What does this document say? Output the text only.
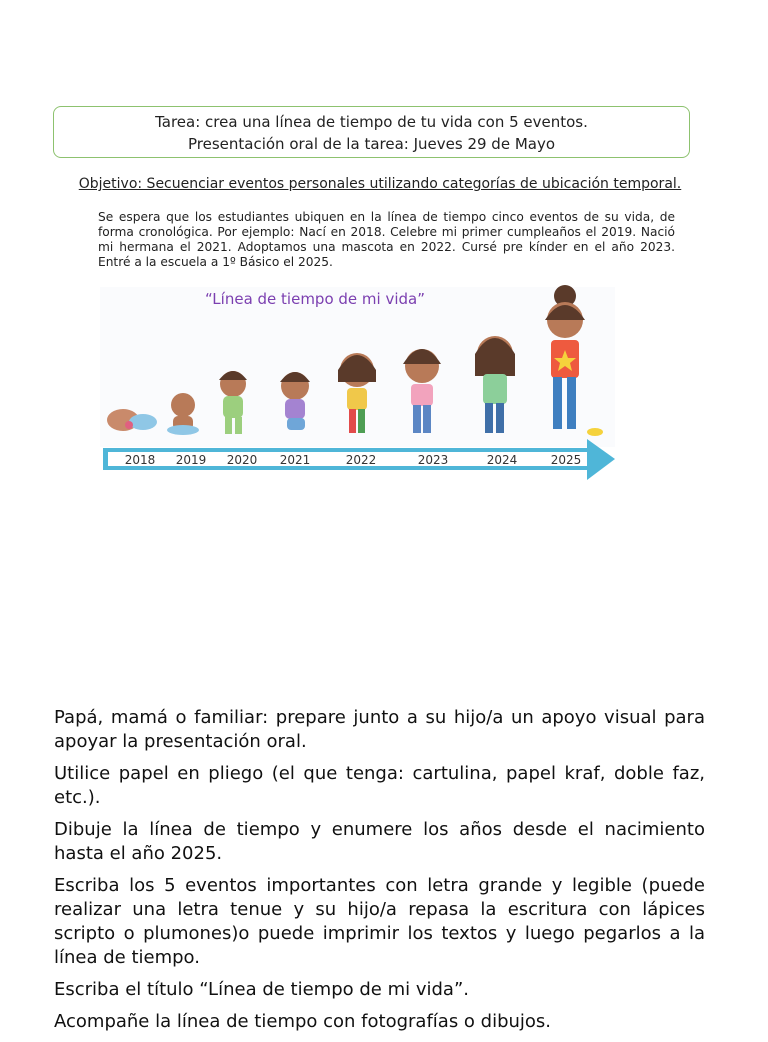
Tarea: crea una línea de tiempo de tu vida con 5 eventos.
Presentación oral de la tarea: Jueves 29 de Mayo
Objetivo: Secuenciar eventos personales utilizando categorías de ubicación temporal.
Se espera que los estudiantes ubiquen en la línea de tiempo cinco eventos de su vida, de forma cronológica. Por ejemplo: Nací en 2018. Celebre mi primer cumpleaños el 2019. Nació mi hermana el 2021. Adoptamos una mascota en 2022. Cursé pre kínder en el año 2023. Entré a la escuela a 1º Básico el 2025.
2018 2019 2020 2021	2022	2023	2024	2025
“Línea de tiempo de mi vida”

Papá, mamá o familiar: prepare junto a su hijo/a un apoyo visual para apoyar la presentación oral.

Utilice papel en pliego (el que tenga: cartulina, papel kraf, doble faz, etc.).

Dibuje la línea de tiempo y enumere los años desde el nacimiento hasta el año 2025.

Escriba los 5 eventos importantes con letra grande y legible (puede realizar una letra tenue y su hijo/a repasa la escritura con lápices scripto o plumones)o puede imprimir los textos y luego pegarlos a la línea de tiempo.

Escriba el título “Línea de tiempo de mi vida”.

Acompañe la línea de tiempo con fotografías o dibujos.
